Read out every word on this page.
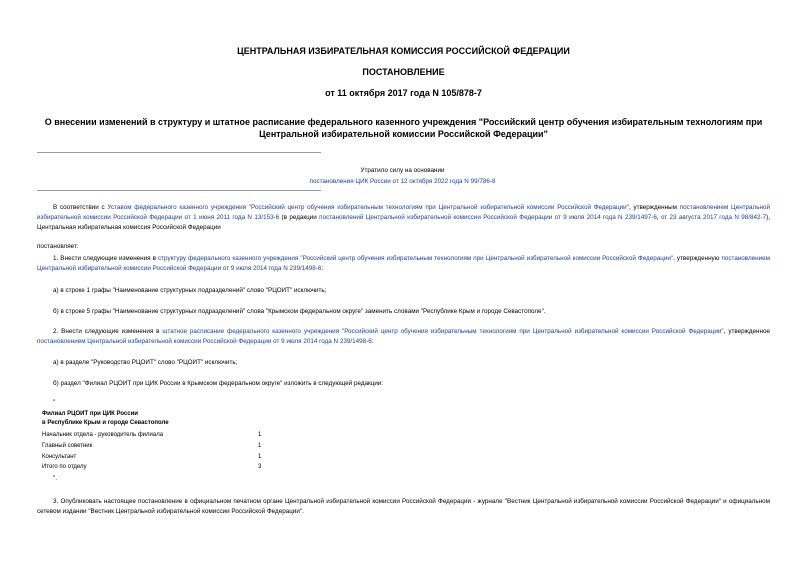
ЦЕНТРАЛЬНАЯ ИЗБИРАТЕЛЬНАЯ КОМИССИЯ РОССИЙСКОЙ ФЕДЕРАЦИИ
ПОСТАНОВЛЕНИЕ
от 11 октября 2017 года N 105/878-7
О внесении изменений в структуру и штатное расписание федерального казенного учреждения "Российский центр обучения избирательным технологиям при
Центральной избирательной комиссии Российской Федерации"
Утратило силу на основании
постановления ЦИК России от 12 октября 2022 года N 99/786-8
В соответствии с Уставом федерального казенного учреждения "Российский центр обучения избирательным технологиям при Центральной избирательной комиссии Российской Федерации", утвержденным постановлением Центральной избирательной комиссии Российской Федерации от 1 июня 2011 года N 13/153-6 (в редакции постановлений Центральной избирательной комиссии Российской Федерации от 9 июля 2014 года N 239/1497-6, от 23 августа 2017 года N 98/842-7), Центральная избирательная комиссия Российской Федерации
постановляет:
1. Внести следующие изменения в структуру федерального казенного учреждения "Российский центр обучения избирательным технологиям при Центральной избирательной комиссии Российской Федерации", утвержденную постановлением Центральной избирательной комиссии Российской Федерации от 9 июля 2014 года N 239/1498-6:
а) в строке 1 графы "Наименование структурных подразделений" слово "РЦОИТ" исключить;
б) в строке 5 графы "Наименование структурных подразделений" слова "Крымском федеральном округе" заменить словами "Республике Крым и городе Севастополе".
2. Внести следующие изменения в штатное расписание федерального казенного учреждения "Российский центр обучения избирательным технологиям при Центральной избирательной комиссии Российской Федерации", утвержденное постановлением Центральной избирательной комиссии Российской Федерации от 9 июля 2014 года N 239/1498-6:
а) в разделе "Руководство РЦОИТ" слово "РЦОИТ" исключить;
б) раздел "Филиал РЦОИТ при ЦИК России в Крымском федеральном округе" изложить в следующей редакции:
"
Филиал РЦОИТ при ЦИК России
в Республике Крым и городе Севастополе
Начальник отдела - руководитель филиала	1
Главный советник	1
Консультант	1
Итого по отделу	3
".
3. Опубликовать настоящее постановление в официальном печатном органе Центральной избирательной комиссии Российской Федерации - журнале "Вестник Центральной избирательной комиссии Российской Федерации" и официальном сетевом издании "Вестник Центральной избирательной комиссии Российской Федерации".
